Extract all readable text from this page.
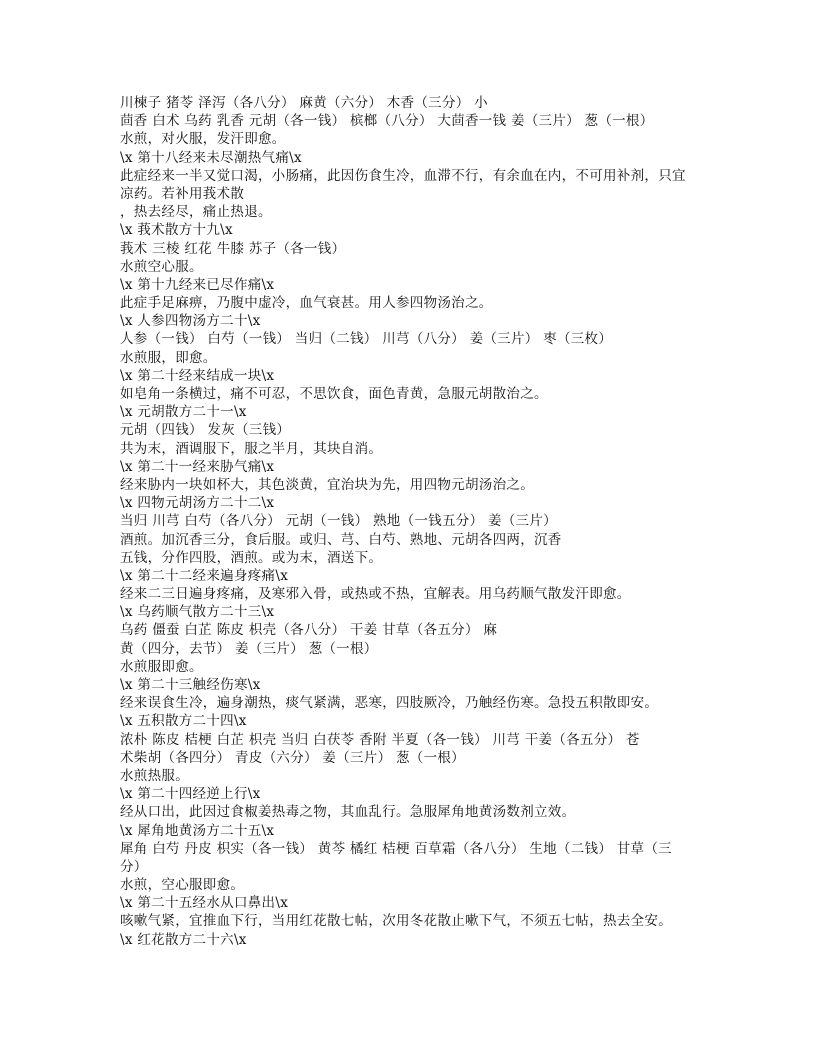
川楝子 猪苓 泽泻（各八分） 麻黄（六分） 木香（三分） 小
茴香 白术 乌药 乳香 元胡（各一钱） 槟榔（八分） 大茴香一钱 姜（三片） 葱（一根）
水煎，对火服，发汗即愈。
\x 第十八经来未尽潮热气痛\x
此症经来一半又觉口渴，小肠痛，此因伤食生冷，血滞不行，有余血在内，不可用补剂，只宜
凉药。若补用莪术散
，热去经尽，痛止热退。
\x 莪术散方十九\x
莪术 三棱 红花 牛膝 苏子（各一钱）
水煎空心服。
\x 第十九经来已尽作痛\x
此症手足麻痹，乃腹中虚冷，血气衰甚。用人参四物汤治之。
\x 人参四物汤方二十\x
人参（一钱） 白芍（一钱） 当归（二钱） 川芎（八分） 姜（三片） 枣（三枚）
水煎服，即愈。
\x 第二十经来结成一块\x
如皂角一条横过，痛不可忍，不思饮食，面色青黄，急服元胡散治之。
\x 元胡散方二十一\x
元胡（四钱） 发灰（三钱）
共为末，酒调服下，服之半月，其块自消。
\x 第二十一经来胁气痛\x
经来胁内一块如杯大，其色淡黄，宜治块为先，用四物元胡汤治之。
\x 四物元胡汤方二十二\x
当归 川芎 白芍（各八分） 元胡（一钱） 熟地（一钱五分） 姜（三片）
酒煎。加沉香三分，食后服。或归、芎、白芍、熟地、元胡各四两，沉香
五钱，分作四股，酒煎。或为末，酒送下。
\x 第二十二经来遍身疼痛\x
经来二三日遍身疼痛，及寒邪入骨，或热或不热，宜解表。用乌药顺气散发汗即愈。
\x 乌药顺气散方二十三\x
乌药 僵蚕 白芷 陈皮 枳壳（各八分） 干姜 甘草（各五分） 麻
黄（四分，去节） 姜（三片） 葱（一根）
水煎服即愈。
\x 第二十三触经伤寒\x
经来误食生冷，遍身潮热，痰气紧满，恶寒，四肢厥冷，乃触经伤寒。急投五积散即安。
\x 五积散方二十四\x
浓朴 陈皮 桔梗 白芷 枳壳 当归 白茯苓 香附 半夏（各一钱） 川芎 干姜（各五分） 苍
术柴胡（各四分） 青皮（六分） 姜（三片） 葱（一根）
水煎热服。
\x 第二十四经逆上行\x
经从口出，此因过食椒姜热毒之物，其血乱行。急服犀角地黄汤数剂立效。
\x 犀角地黄汤方二十五\x
犀角 白芍 丹皮 枳实（各一钱） 黄芩 橘红 桔梗 百草霜（各八分） 生地（二钱） 甘草（三
分）
水煎，空心服即愈。
\x 第二十五经水从口鼻出\x
咳嗽气紧，宜推血下行，当用红花散七帖，次用冬花散止嗽下气，不须五七帖，热去全安。
\x 红花散方二十六\x
